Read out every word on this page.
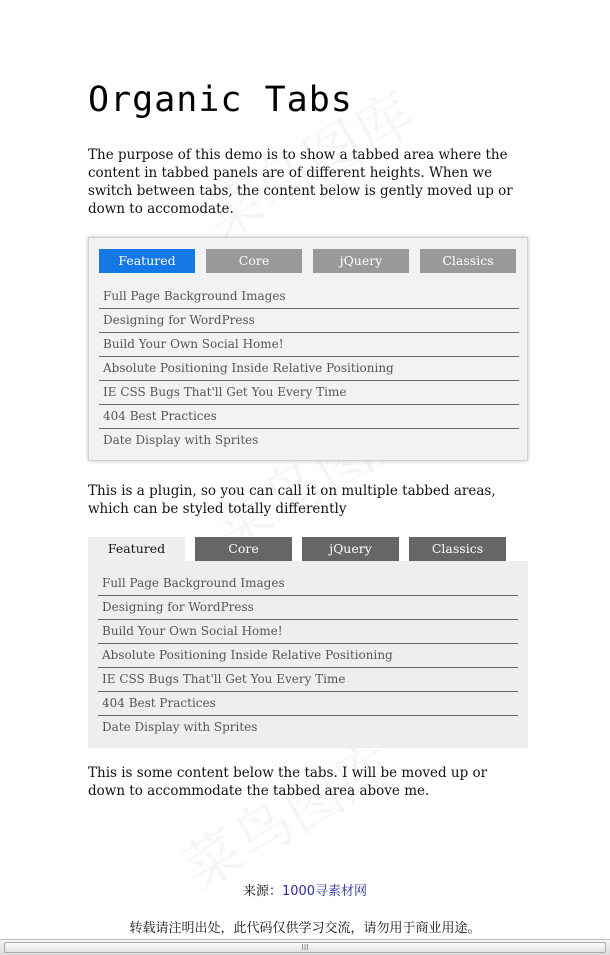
Organic Tabs

The purpose of this demo is to show a tabbed area where the content in tabbed panels are of different heights. When we switch between tabs, the content below is gently moved up or down to accomodate.

Featured	Core	jQuery	Classics
Full Page Background Images
Designing for WordPress
Build Your Own Social Home!
Absolute Positioning Inside Relative Positioning
IE CSS Bugs That'll Get You Every Time
404 Best Practices
Date Display with Sprites

This is a plugin, so you can call it on multiple tabbed areas, which can be styled totally differently

Full Page Background Images
Designing for WordPress
Build Your Own Social Home!
Absolute Positioning Inside Relative Positioning
IE CSS Bugs That'll Get You Every Time
404 Best Practices
Date Display with Sprites
Featured	Core	jQuery	Classics

This is some content below the tabs. I will be moved up or down to accommodate the tabbed area above me.

来源：1000寻素材网
转载请注明出处，此代码仅供学习交流，请勿用于商业用途。
III
